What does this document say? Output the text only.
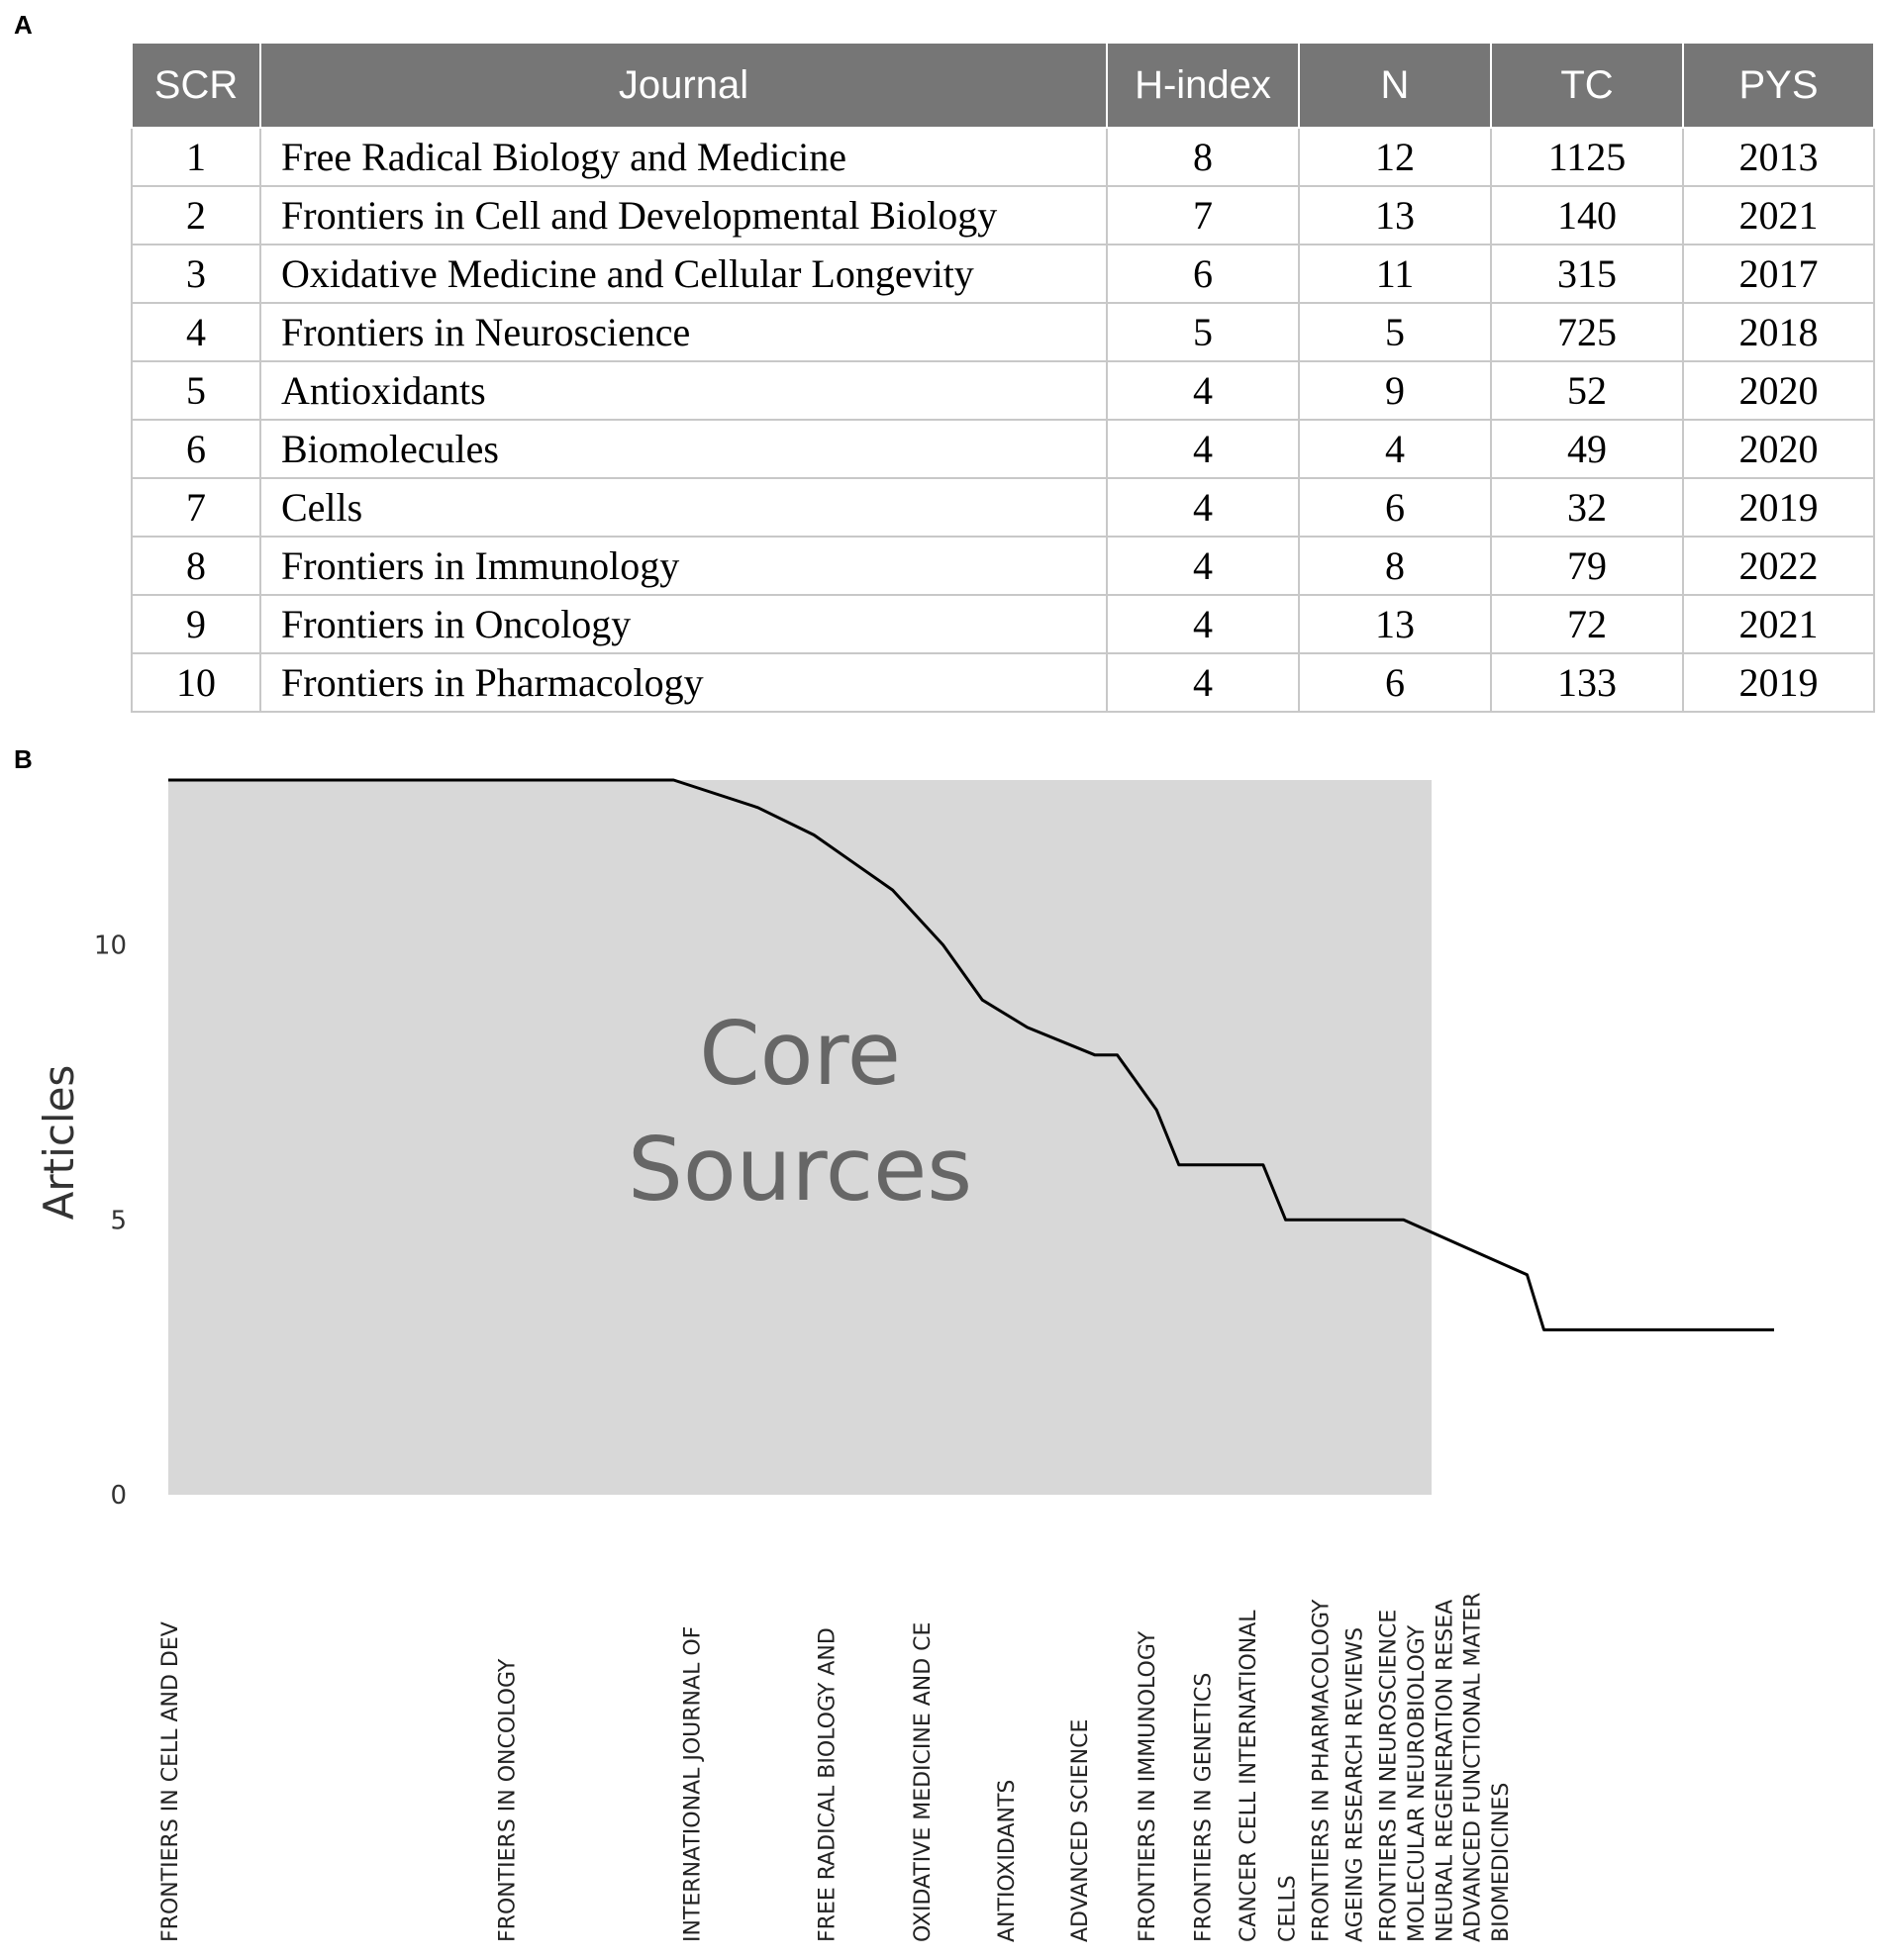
A
SCR	Journal	H-index	N	TC	PYS
1	Free Radical Biology and Medicine	8	12	1125	2013
2	Frontiers in Cell and Developmental Biology	7	13	140	2021
3	Oxidative Medicine and Cellular Longevity	6	11	315	2017
4	Frontiers in Neuroscience	5	5	725	2018
5	Antioxidants	4	9	52	2020
6	Biomolecules	4	4	49	2020
7	Cells	4	6	32	2019
8	Frontiers in Immunology	4	8	79	2022
9	Frontiers in Oncology	4	13	72	2021
10	Frontiers in Pharmacology	4	6	133	2019
B
Core
Sources
0
5
10
Articles
FRONTIERS IN CELL AND DEV	FRONTIERS IN ONCOLOGY	INTERNATIONAL JOURNAL OF	FREE RADICAL BIOLOGY AND	OXIDATIVE MEDICINE AND CE	ANTIOXIDANTS ADVANCED SCIENCE FRONTIERS IN IMMUNOLOGY FRONTIERS IN GENETICS CANCER CELL INTERNATIONAL CELLS FRONTIERS IN PHARMACOLOGY AGEING RESEARCH REVIEWS FRONTIERS IN NEUROSCIENCE MOLECULAR NEUROBIOLOGY NEURAL REGENERATION RESEA ADVANCED FUNCTIONAL MATER BIOMEDICINES
